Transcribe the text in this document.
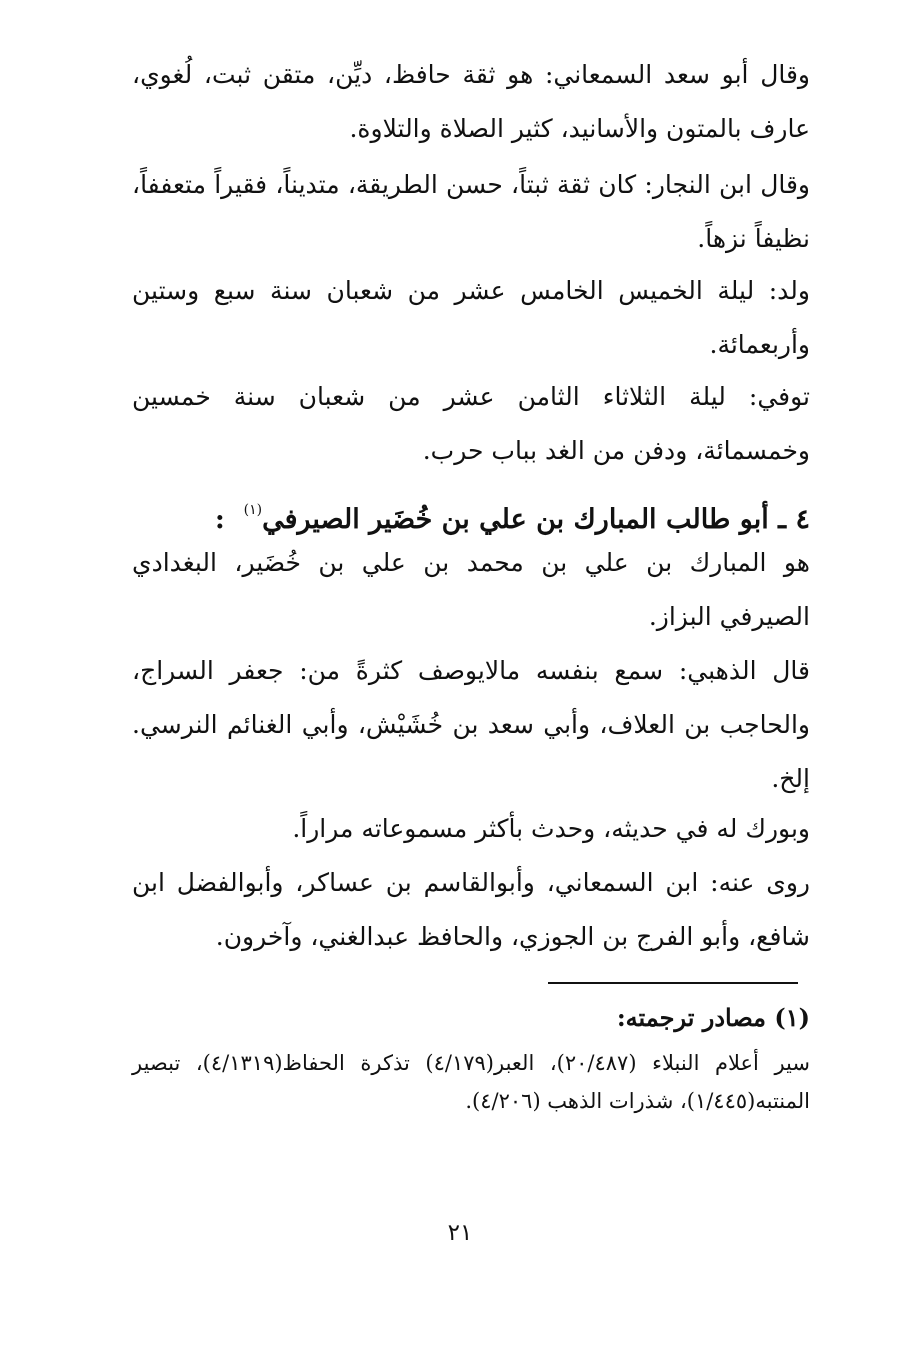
وقال أبو سعد السمعاني: هو ثقة حافظ، ديِّن، متقن ثبت، لُغوي، عارف بالمتون والأسانيد، كثير الصلاة والتلاوة.

وقال ابن النجار: كان ثقة ثبتاً، حسن الطريقة، متديناً، فقيراً متعففاً، نظيفاً نزهاً.

ولد: ليلة الخميس الخامس عشر من شعبان سنة سبع وستين وأربعمائة.

توفي: ليلة الثلاثاء الثامن عشر من شعبان سنة خمسين وخمسمائة، ودفن من الغد بباب حرب.

٤ ـ أبو طالب المبارك بن علي بن خُضَير الصيرفي$^{(١)}$  :

هو المبارك بن علي بن محمد بن علي بن خُضَير، البغدادي الصيرفي البزاز.

قال الذهبي: سمع بنفسه مالايوصف كثرةً من: جعفر السراج، والحاجب بن العلاف، وأبي سعد بن خُشَيْش، وأبي الغنائم النرسي. إلخ.

وبورك له في حديثه، وحدث بأكثر مسموعاته مراراً.

روى عنه: ابن السمعاني، وأبوالقاسم بن عساكر، وأبوالفضل ابن شافع، وأبو الفرج بن الجوزي، والحافظ عبدالغني، وآخرون.

(١) مصادر ترجمته:

سير أعلام النبلاء (٢٠/٤٨٧)، العبر(٤/١٧٩) تذكرة الحفاظ(٤/١٣١٩)، تبصير المنتبه(١/٤٤٥)، شذرات الذهب (٤/٢٠٦).

٢١
